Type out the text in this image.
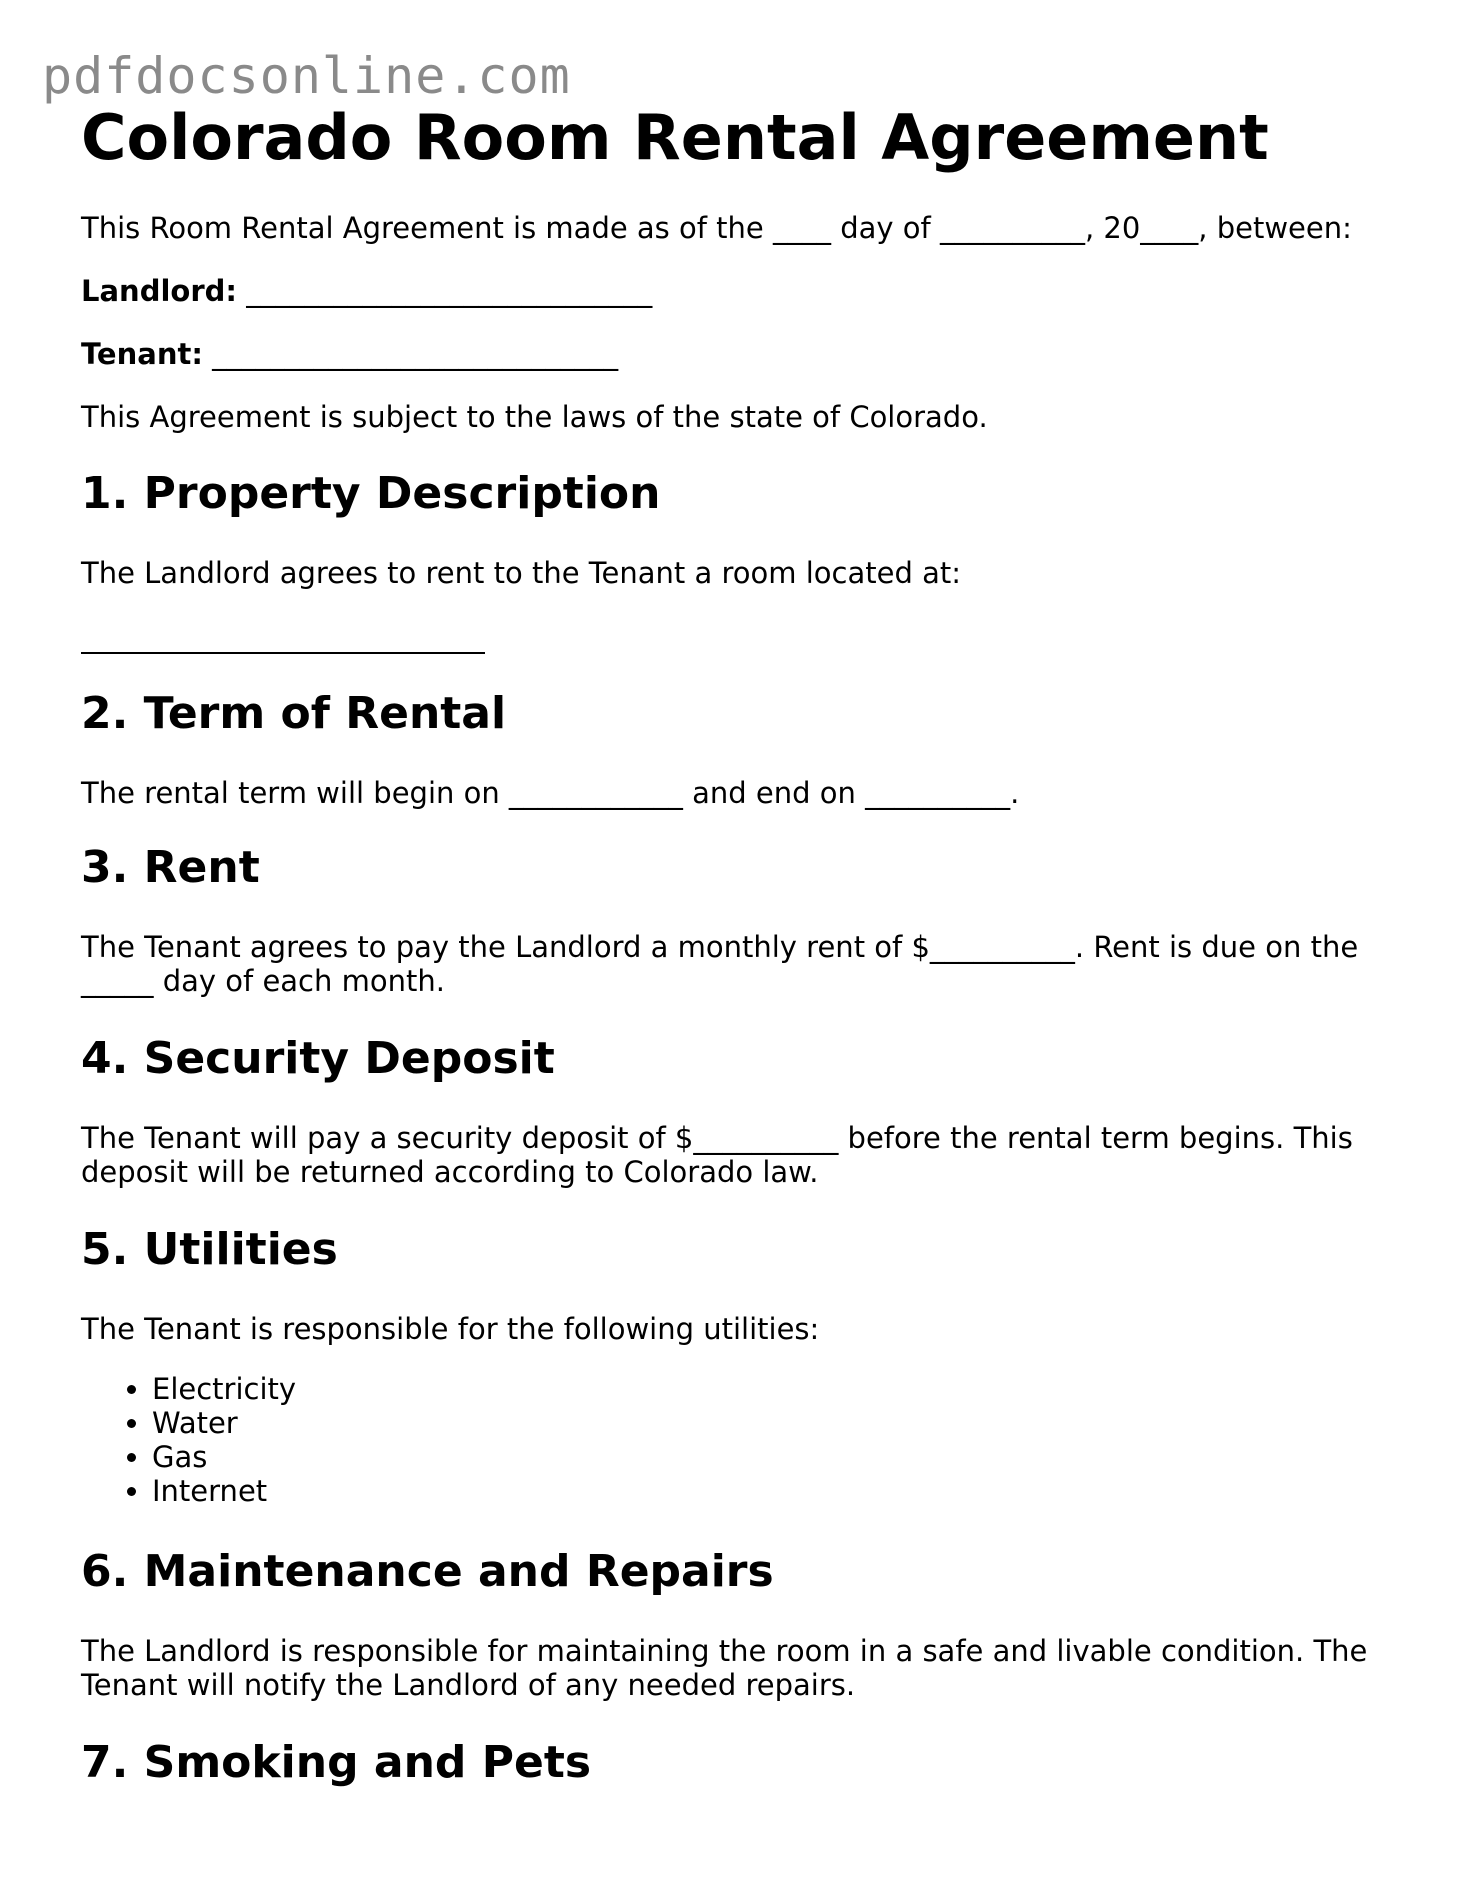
pdfdocsonline.com
Colorado Room Rental Agreement

This Room Rental Agreement is made as of the ____ day of __________, 20____, between:

Landlord: ____________________________

Tenant: ____________________________

This Agreement is subject to the laws of the state of Colorado.

1. Property Description

The Landlord agrees to rent to the Tenant a room located at:

2. Term of Rental

The rental term will begin on ____________ and end on __________.

3. Rent

The Tenant agrees to pay the Landlord a monthly rent of $__________. Rent is due on the _____ day of each month.

4. Security Deposit

The Tenant will pay a security deposit of $__________ before the rental term begins. This deposit will be returned according to Colorado law.

5. Utilities

The Tenant is responsible for the following utilities:

• Electricity
• Water
• Gas
• Internet
6. Maintenance and Repairs

The Landlord is responsible for maintaining the room in a safe and livable condition. The Tenant will notify the Landlord of any needed repairs.

7. Smoking and Pets
